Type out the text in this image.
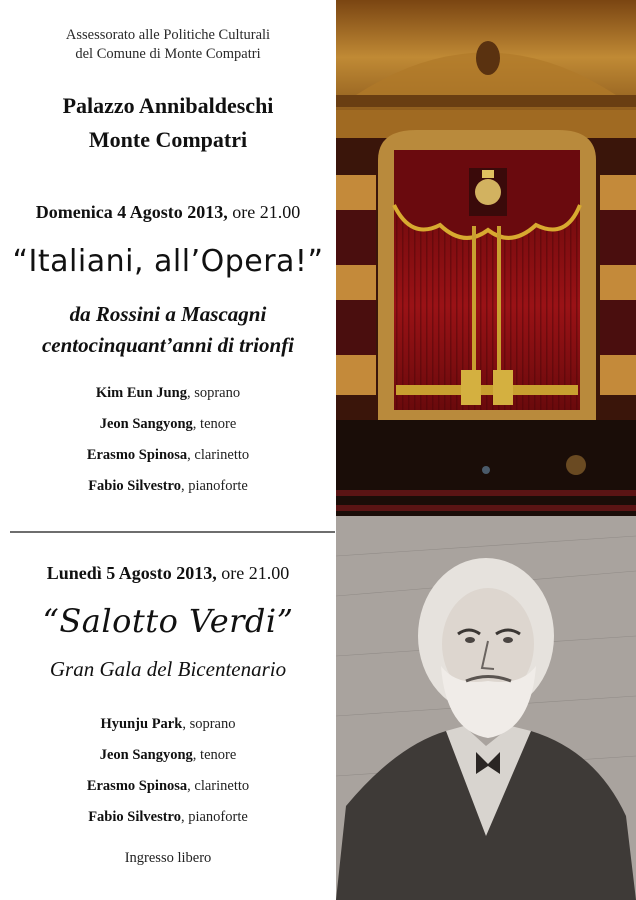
Assessorato alle Politiche Culturali
del Comune di Monte Compatri
Palazzo Annibaldeschi
Monte Compatri
Domenica 4 Agosto 2013, ore 21.00
“Italiani, all’Opera!”
da Rossini a Mascagni
centocinquant’anni di trionfi
Kim Eun Jung, soprano
Jeon Sangyong, tenore
Erasmo Spinosa, clarinetto
Fabio Silvestro, pianoforte
Lunedì 5 Agosto 2013, ore 21.00
“Salotto Verdi”
Gran Gala del Bicentenario
Hyunju Park, soprano
Jeon Sangyong, tenore
Erasmo Spinosa, clarinetto
Fabio Silvestro, pianoforte
Ingresso libero
